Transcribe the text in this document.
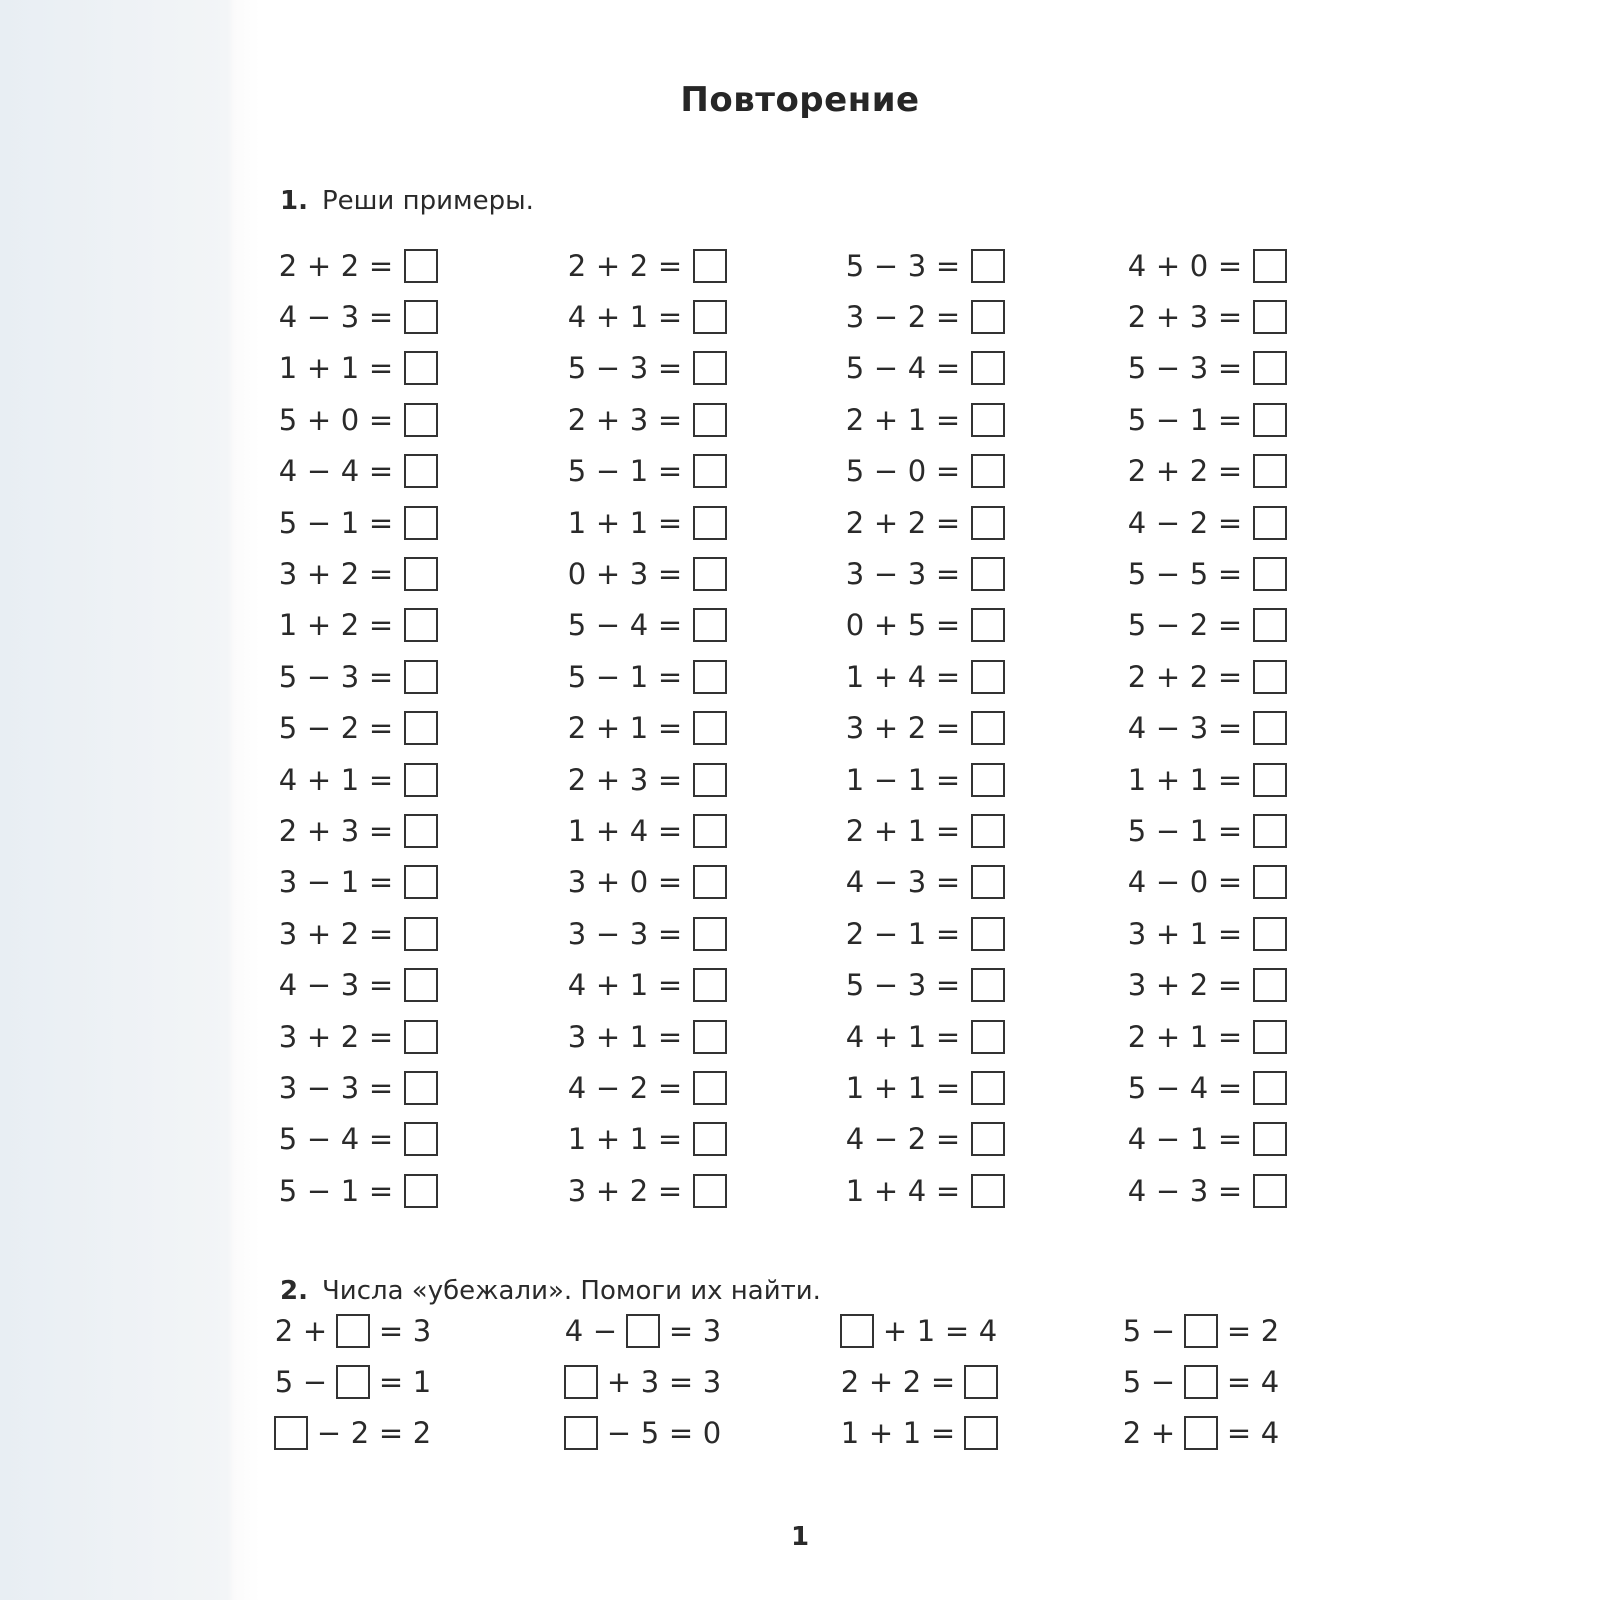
Повторение
1. Реши примеры.
2 + 2 =
4 − 3 =
1 + 1 =
5 + 0 =
4 − 4 =
5 − 1 =
3 + 2 =
1 + 2 =
5 − 3 =
5 − 2 =
4 + 1 =
2 + 3 =
3 − 1 =
3 + 2 =
4 − 3 =
3 + 2 =
3 − 3 =
5 − 4 =
5 − 1 =
2 + 2 =
4 + 1 =
5 − 3 =
2 + 3 =
5 − 1 =
1 + 1 =
0 + 3 =
5 − 4 =
5 − 1 =
2 + 1 =
2 + 3 =
1 + 4 =
3 + 0 =
3 − 3 =
4 + 1 =
3 + 1 =
4 − 2 =
1 + 1 =
3 + 2 =
5 − 3 =
3 − 2 =
5 − 4 =
2 + 1 =
5 − 0 =
2 + 2 =
3 − 3 =
0 + 5 =
1 + 4 =
3 + 2 =
1 − 1 =
2 + 1 =
4 − 3 =
2 − 1 =
5 − 3 =
4 + 1 =
1 + 1 =
4 − 2 =
1 + 4 =
4 + 0 =
2 + 3 =
5 − 3 =
5 − 1 =
2 + 2 =
4 − 2 =
5 − 5 =
5 − 2 =
2 + 2 =
4 − 3 =
1 + 1 =
5 − 1 =
4 − 0 =
3 + 1 =
3 + 2 =
2 + 1 =
5 − 4 =
4 − 1 =
4 − 3 =
2. Числа «убежали». Помоги их найти.
2 + = 3
5 − = 1
− 2 = 2
4 − = 3
+ 3 = 3
− 5 = 0
+ 1 = 4
2 + 2 =
1 + 1 =
5 − = 2
5 − = 4
2 + = 4
1
